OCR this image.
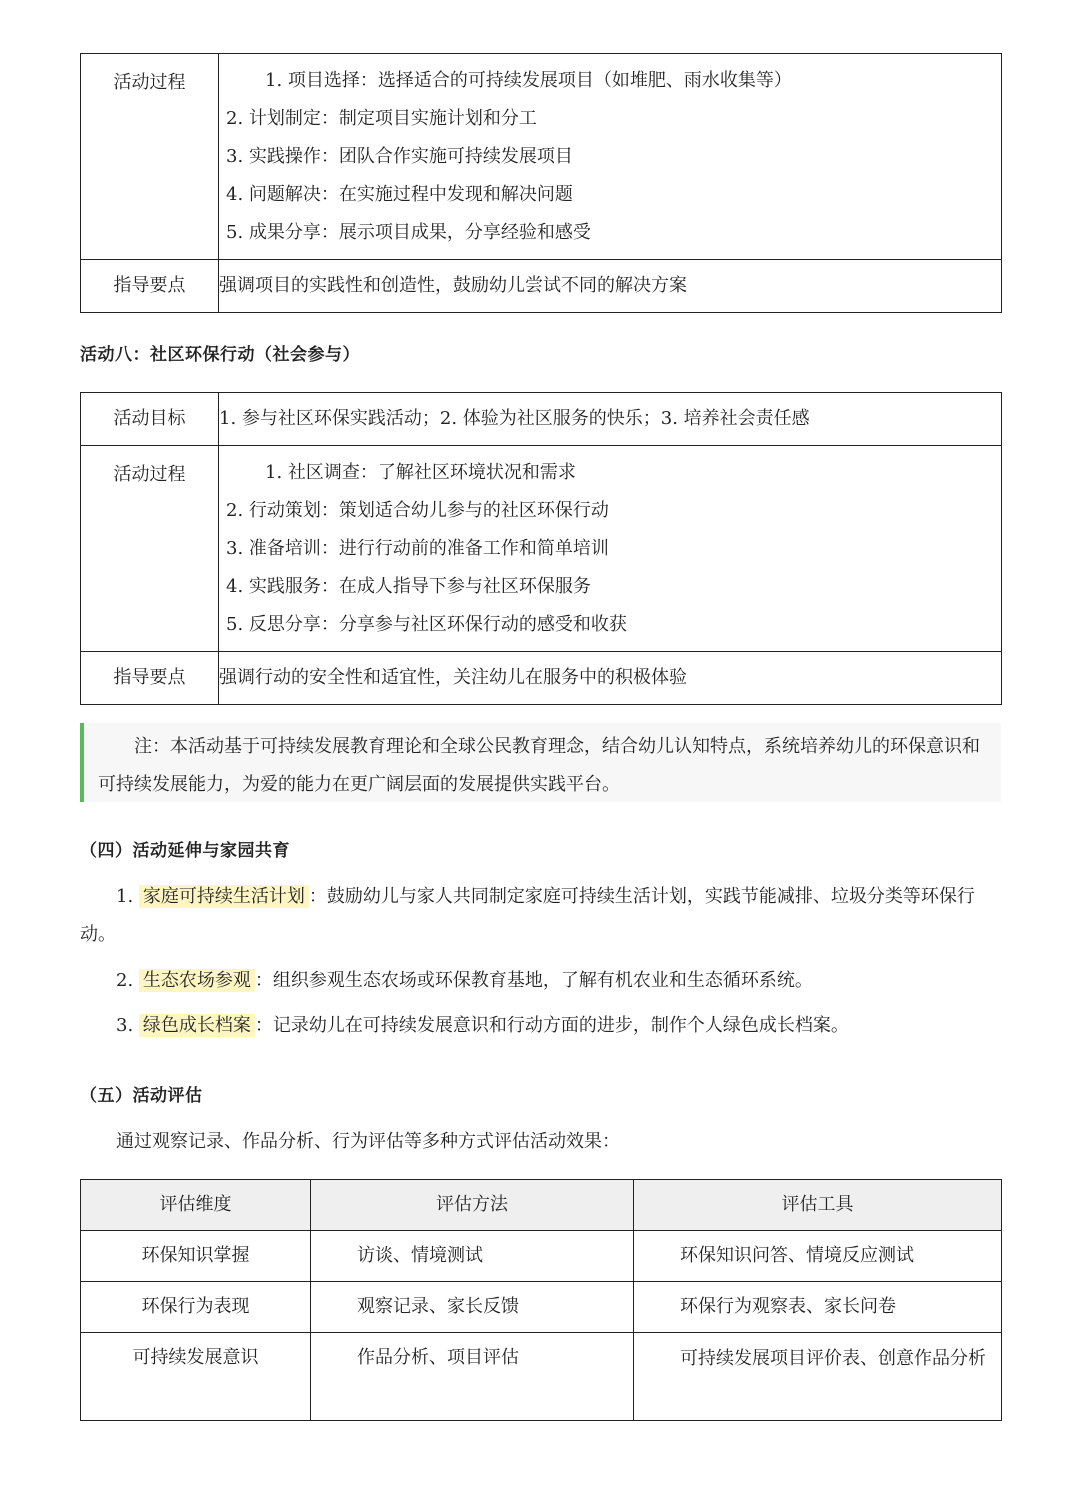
活动过程	1. 项目选择：选择适合的可持续发展项目（如堆肥、雨水收集等）
2. 计划制定：制定项目实施计划和分工
3. 实践操作：团队合作实施可持续发展项目
4. 问题解决：在实施过程中发现和解决问题
5. 成果分享：展示项目成果，分享经验和感受

指导要点	强调项目的实践性和创造性，鼓励幼儿尝试不同的解决方案
活动八：社区环保行动（社会参与）
活动目标	1. 参与社区环保实践活动；2. 体验为社区服务的快乐；3. 培养社会责任感
活动过程	1. 社区调查：了解社区环境状况和需求
2. 行动策划：策划适合幼儿参与的社区环保行动
3. 准备培训：进行行动前的准备工作和简单培训
4. 实践服务：在成人指导下参与社区环保服务
5. 反思分享：分享参与社区环保行动的感受和收获

指导要点	强调行动的安全性和适宜性，关注幼儿在服务中的积极体验
注：本活动基于可持续发展教育理论和全球公民教育理念，结合幼儿认知特点，系统培养幼儿的环保意识和可持续发展能力，为爱的能力在更广阔层面的发展提供实践平台。
（四）活动延伸与家园共育
1. 家庭可持续生活计划 ：鼓励幼儿与家人共同制定家庭可持续生活计划，实践节能减排、垃圾分类等环保行动。
2. 生态农场参观 ：组织参观生态农场或环保教育基地，了解有机农业和生态循环系统。
3. 绿色成长档案 ：记录幼儿在可持续发展意识和行动方面的进步，制作个人绿色成长档案。
（五）活动评估
通过观察记录、作品分析、行为评估等多种方式评估活动效果：
评估维度	评估方法	评估工具
环保知识掌握	访谈、情境测试	环保知识问答、情境反应测试
环保行为表现	观察记录、家长反馈	环保行为观察表、家长问卷
可持续发展意识	作品分析、项目评估	可持续发展项目评价表、创意作品分析
